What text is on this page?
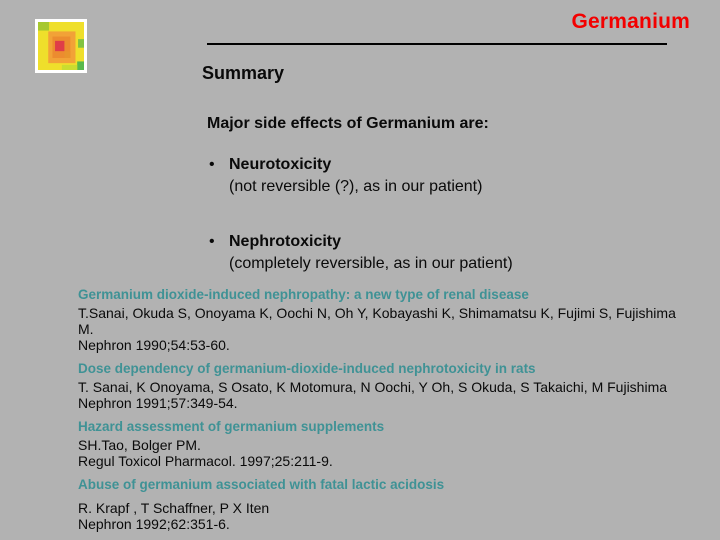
Germanium
Summary
Major side effects of Germanium are:
• Neurotoxicity
(not reversible (?), as in our patient)
• Nephrotoxicity
(completely reversible, as in our patient)
Germanium dioxide-induced nephropathy: a new type of renal disease
T.Sanai, Okuda S, Onoyama K, Oochi N, Oh Y, Kobayashi K, Shimamatsu K, Fujimi S, Fujishima M.
Nephron 1990;54:53-60.
Dose dependency of germanium-dioxide-induced nephrotoxicity in rats
T. Sanai, K Onoyama, S Osato, K Motomura, N Oochi, Y Oh, S Okuda, S Takaichi, M Fujishima
Nephron 1991;57:349-54.
Hazard assessment of germanium supplements
SH.Tao, Bolger PM.
Regul Toxicol Pharmacol. 1997;25:211-9.
Abuse of germanium associated with fatal lactic acidosis
R. Krapf , T Schaffner, P X Iten
Nephron 1992;62:351-6.
